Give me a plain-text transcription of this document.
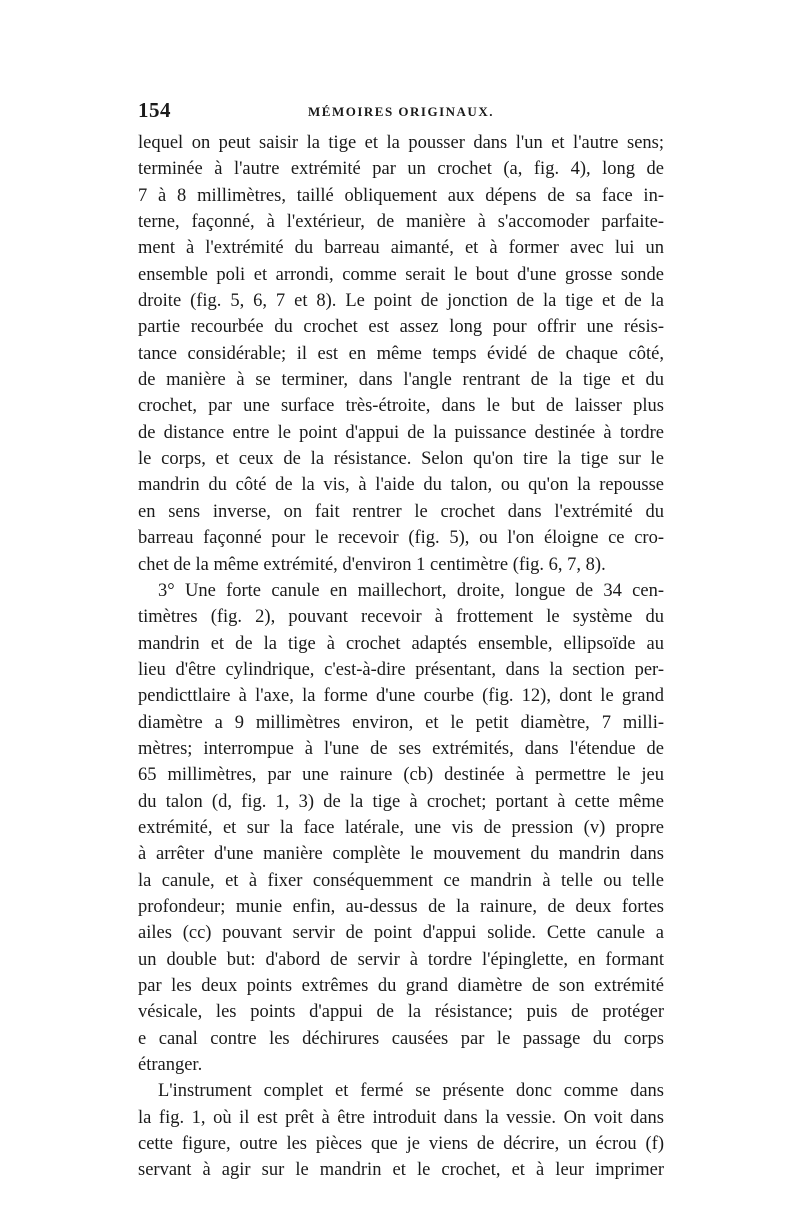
154	MÉMOIRES ORIGINAUX.
lequel on peut saisir la tige et la pousser dans l'un et l'autre sens;
terminée à l'autre extrémité par un crochet (a, fig. 4), long de
7 à 8 millimètres, taillé obliquement aux dépens de sa face in-
terne, façonné, à l'extérieur, de manière à s'accomoder parfaite-
ment à l'extrémité du barreau aimanté, et à former avec lui un
ensemble poli et arrondi, comme serait le bout d'une grosse sonde
droite (fig. 5, 6, 7 et 8). Le point de jonction de la tige et de la
partie recourbée du crochet est assez long pour offrir une résis-
tance considérable; il est en même temps évidé de chaque côté,
de manière à se terminer, dans l'angle rentrant de la tige et du
crochet, par une surface très-étroite, dans le but de laisser plus
de distance entre le point d'appui de la puissance destinée à tordre
le corps, et ceux de la résistance. Selon qu'on tire la tige sur le
mandrin du côté de la vis, à l'aide du talon, ou qu'on la repousse
en sens inverse, on fait rentrer le crochet dans l'extrémité du
barreau façonné pour le recevoir (fig. 5), ou l'on éloigne ce cro-
chet de la même extrémité, d'environ 1 centimètre (fig. 6, 7, 8).
3° Une forte canule en maillechort, droite, longue de 34 cen-
timètres (fig. 2), pouvant recevoir à frottement le système du
mandrin et de la tige à crochet adaptés ensemble, ellipsoïde au
lieu d'être cylindrique, c'est-à-dire présentant, dans la section per-
pendicttlaire à l'axe, la forme d'une courbe (fig. 12), dont le grand
diamètre a 9 millimètres environ, et le petit diamètre, 7 milli-
mètres; interrompue à l'une de ses extrémités, dans l'étendue de
65 millimètres, par une rainure (cb) destinée à permettre le jeu
du talon (d, fig. 1, 3) de la tige à crochet; portant à cette même
extrémité, et sur la face latérale, une vis de pression (v) propre
à arrêter d'une manière complète le mouvement du mandrin dans
la canule, et à fixer conséquemment ce mandrin à telle ou telle
profondeur; munie enfin, au-dessus de la rainure, de deux fortes
ailes (cc) pouvant servir de point d'appui solide. Cette canule a
un double but: d'abord de servir à tordre l'épinglette, en formant
par les deux points extrêmes du grand diamètre de son extrémité
vésicale, les points d'appui de la résistance; puis de protéger
e canal contre les déchirures causées par le passage du corps
étranger.
L'instrument complet et fermé se présente donc comme dans
la fig. 1, où il est prêt à être introduit dans la vessie. On voit dans
cette figure, outre les pièces que je viens de décrire, un écrou (f)
servant à agir sur le mandrin et le crochet, et à leur imprimer
